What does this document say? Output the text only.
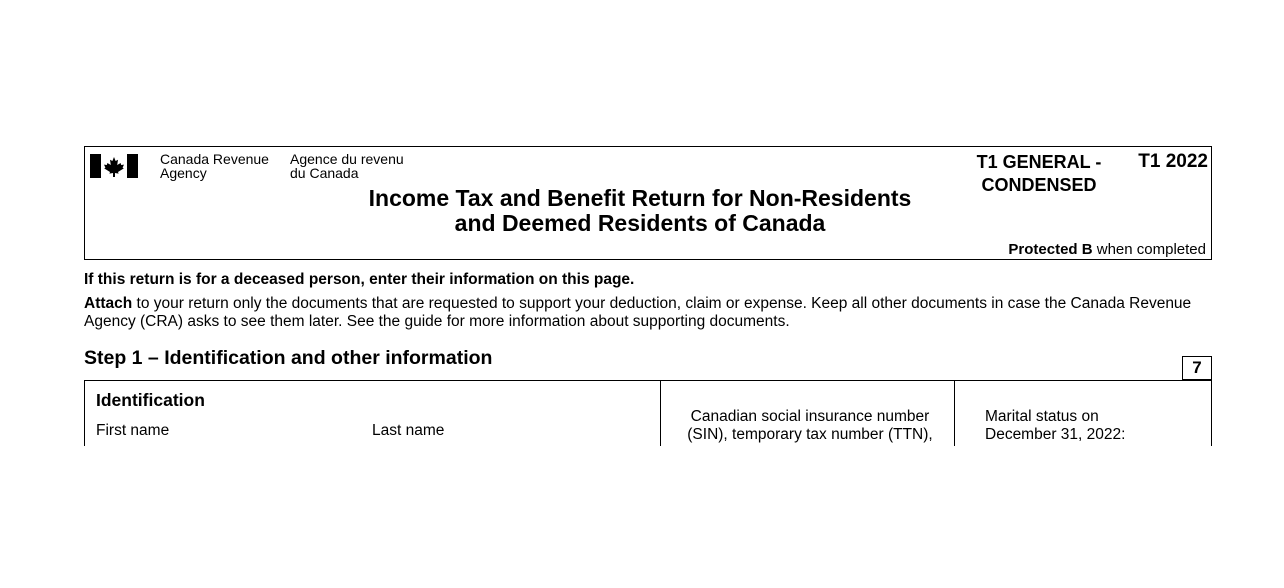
Canada Revenue
Agency
Agence du revenu
du Canada
Income Tax and Benefit Return for Non-Residents
and Deemed Residents of Canada
T1 GENERAL -
CONDENSED
T1 2022
Protected B when completed
If this return is for a deceased person, enter their information on this page.
Attach to your return only the documents that are requested to support your deduction, claim or expense. Keep all other documents in case the Canada Revenue Agency (CRA) asks to see them later. See the guide for more information about supporting documents.
Step 1 – Identification and other information	7
Identification
First name	Last name
Canadian social insurance number
(SIN), temporary tax number (TTN),
Marital status on
December 31, 2022:
